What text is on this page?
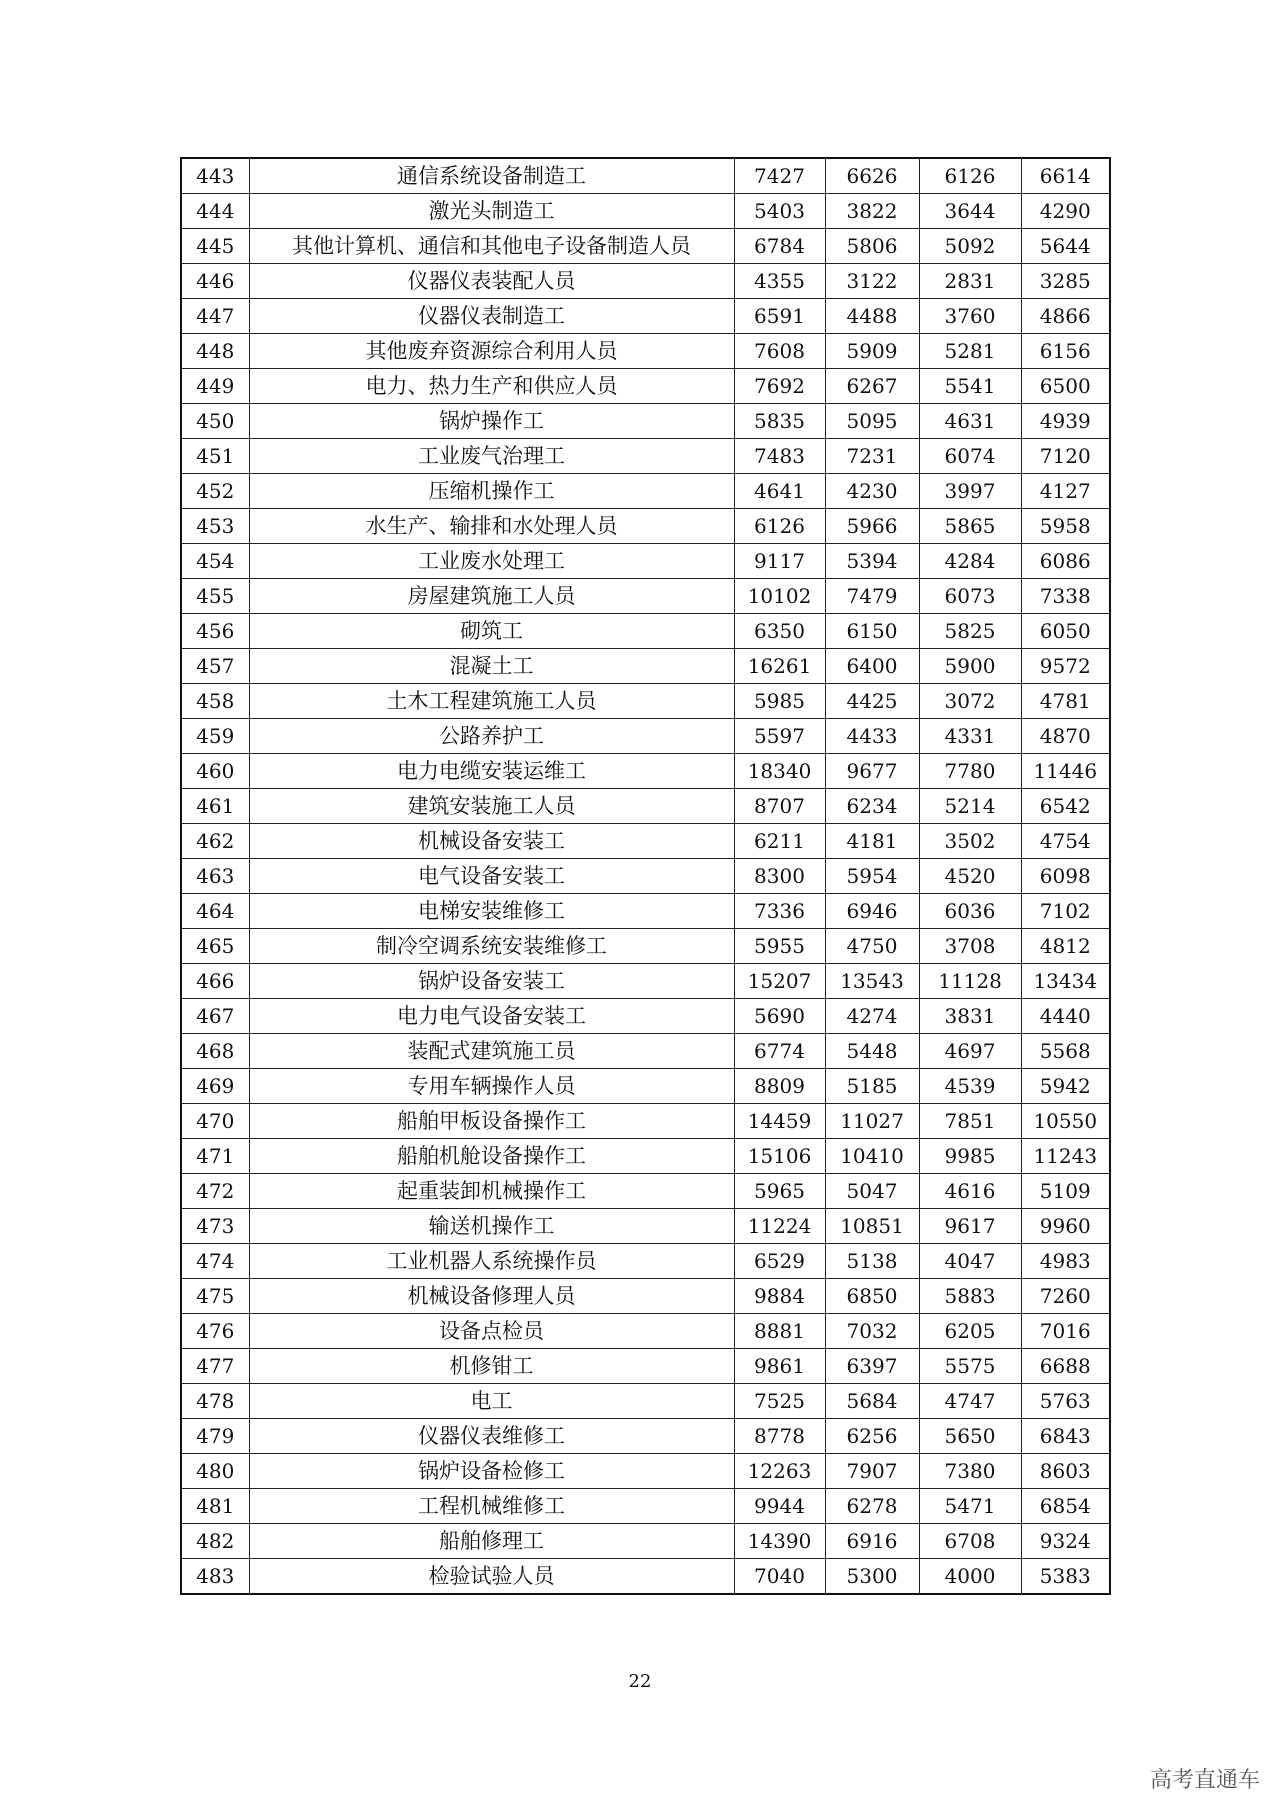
443	通信系统设备制造工	7427	6626	6126	6614
444	激光头制造工	5403	3822	3644	4290
445	其他计算机、通信和其他电子设备制造人员	6784	5806	5092	5644
446	仪器仪表装配人员	4355	3122	2831	3285
447	仪器仪表制造工	6591	4488	3760	4866
448	其他废弃资源综合利用人员	7608	5909	5281	6156
449	电力、热力生产和供应人员	7692	6267	5541	6500
450	锅炉操作工	5835	5095	4631	4939
451	工业废气治理工	7483	7231	6074	7120
452	压缩机操作工	4641	4230	3997	4127
453	水生产、输排和水处理人员	6126	5966	5865	5958
454	工业废水处理工	9117	5394	4284	6086
455	房屋建筑施工人员	10102	7479	6073	7338
456	砌筑工	6350	6150	5825	6050
457	混凝土工	16261	6400	5900	9572
458	土木工程建筑施工人员	5985	4425	3072	4781
459	公路养护工	5597	4433	4331	4870
460	电力电缆安装运维工	18340	9677	7780	11446
461	建筑安装施工人员	8707	6234	5214	6542
462	机械设备安装工	6211	4181	3502	4754
463	电气设备安装工	8300	5954	4520	6098
464	电梯安装维修工	7336	6946	6036	7102
465	制冷空调系统安装维修工	5955	4750	3708	4812
466	锅炉设备安装工	15207	13543	11128	13434
467	电力电气设备安装工	5690	4274	3831	4440
468	装配式建筑施工员	6774	5448	4697	5568
469	专用车辆操作人员	8809	5185	4539	5942
470	船舶甲板设备操作工	14459	11027	7851	10550
471	船舶机舱设备操作工	15106	10410	9985	11243
472	起重装卸机械操作工	5965	5047	4616	5109
473	输送机操作工	11224	10851	9617	9960
474	工业机器人系统操作员	6529	5138	4047	4983
475	机械设备修理人员	9884	6850	5883	7260
476	设备点检员	8881	7032	6205	7016
477	机修钳工	9861	6397	5575	6688
478	电工	7525	5684	4747	5763
479	仪器仪表维修工	8778	6256	5650	6843
480	锅炉设备检修工	12263	7907	7380	8603
481	工程机械维修工	9944	6278	5471	6854
482	船舶修理工	14390	6916	6708	9324
483	检验试验人员	7040	5300	4000	5383
22
高考直通车
